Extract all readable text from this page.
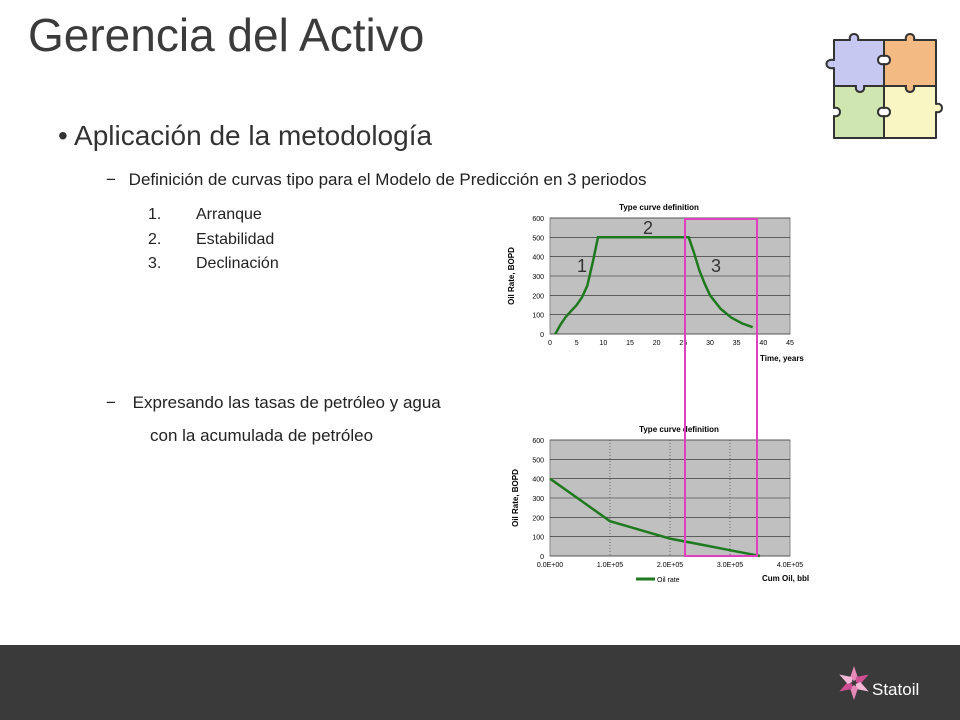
Gerencia del Activo
• Aplicación de la metodología
− Definición de curvas tipo para el Modelo de Predicción en 3 periodos
1. Arranque
2. Estabilidad
3. Declinación
− Expresando las tasas de petróleo y agua
con la acumulada de petróleo
Type curve definition
0
100
200
300
400
500
600
0	5	10	15	20	25	30	35	40	45
Oil Rate, BOPD
Time, years
1
2
3
Type curve definition
0
100
200
300
400
500
600
0.0E+00	1.0E+05	2.0E+05	3.0E+05	4.0E+05
Oil Rate, BOPD
Cum Oil, bbl
Oil rate
Statoil
